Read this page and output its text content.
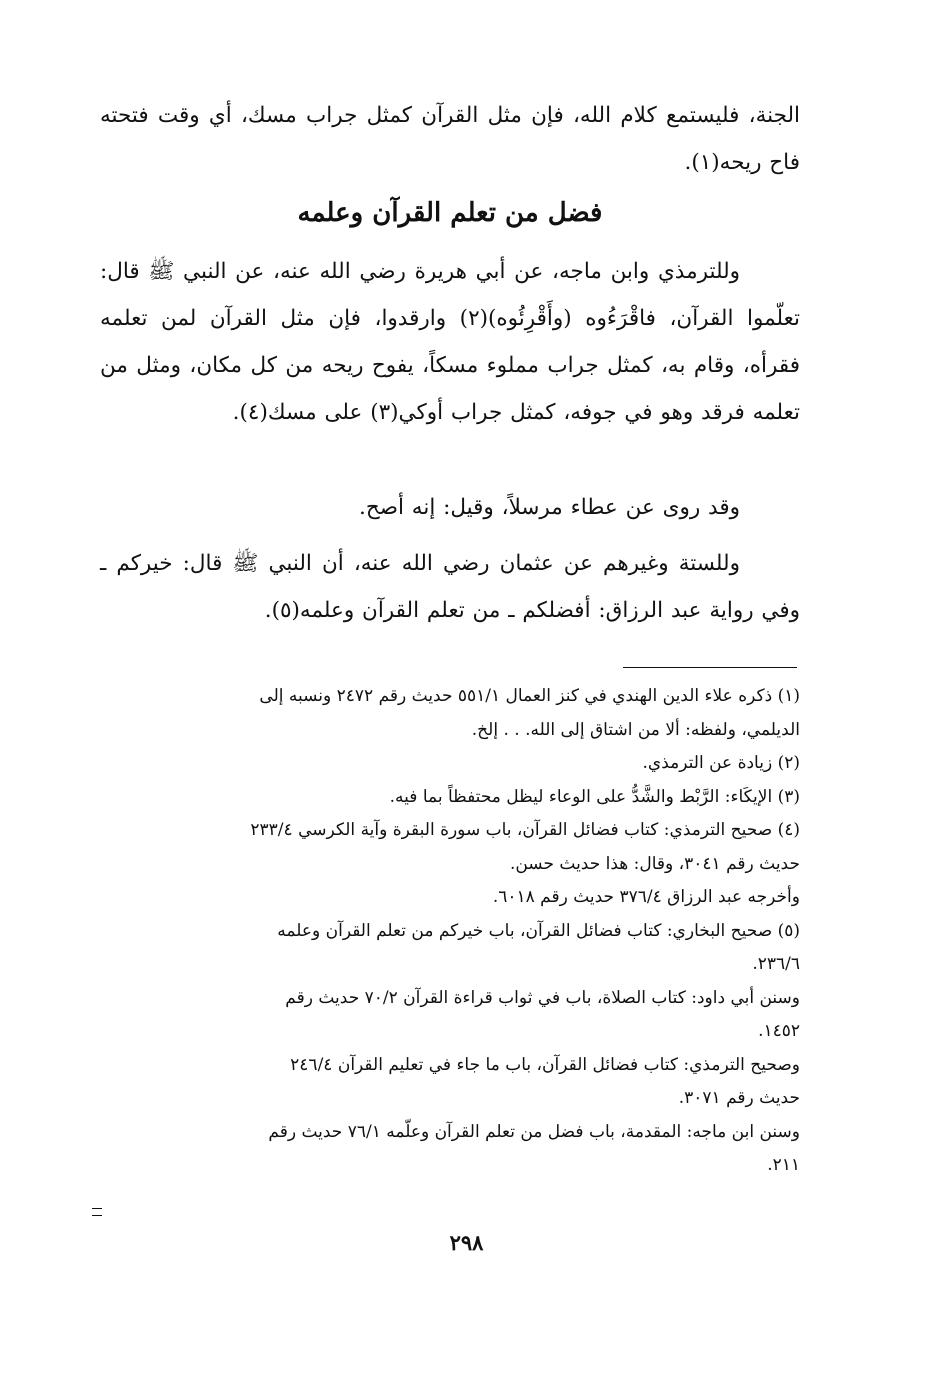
الجنة، فليستمع كلام الله، فإن مثل القرآن كمثل جراب مسك، أي وقت فتحته فاح ريحه(١).

فضل من تعلم القرآن وعلمه

وللترمذي وابن ماجه، عن أبي هريرة رضي الله عنه، عن النبي ﷺ قال: تعلّموا القرآن، فاقْرَءُوه (وأَقْرِئُوه)(٢) وارقدوا، فإن مثل القرآن لمن تعلمه فقرأه، وقام به، كمثل جراب مملوء مسكاً، يفوح ريحه من كل مكان، ومثل من تعلمه فرقد وهو في جوفه، كمثل جراب أوكي(٣) على مسك(٤).

وقد روى عن عطاء مرسلاً، وقيل: إنه أصح.

وللستة وغيرهم عن عثمان رضي الله عنه، أن النبي ﷺ قال: خيركم ـ وفي رواية عبد الرزاق: أفضلكم ـ من تعلم القرآن وعلمه(٥).

(١) ذكره علاء الدين الهندي في كنز العمال ٥٥١/١ حديث رقم ٢٤٧٢ ونسبه إلى
الديلمي، ولفظه: ألا من اشتاق إلى الله. . . إلخ.
(٢) زيادة عن الترمذي.
(٣) الإيكَاء: الرَّبْط والشَّدُّ على الوعاء ليظل محتفظاً بما فيه.
(٤) صحيح الترمذي: كتاب فضائل القرآن، باب سورة البقرة وآية الكرسي ٢٣٣/٤
حديث رقم ٣٠٤١، وقال: هذا حديث حسن.
وأخرجه عبد الرزاق ٣٧٦/٤ حديث رقم ٦٠١٨.
(٥) صحيح البخاري: كتاب فضائل القرآن، باب خيركم من تعلم القرآن وعلمه
٢٣٦/٦.
وسنن أبي داود: كتاب الصلاة، باب في ثواب قراءة القرآن ٧٠/٢ حديث رقم
١٤٥٢.
وصحيح الترمذي: كتاب فضائل القرآن، باب ما جاء في تعليم القرآن ٢٤٦/٤
حديث رقم ٣٠٧١.
وسنن ابن ماجه: المقدمة، باب فضل من تعلم القرآن وعلّمه ٧٦/١ حديث رقم
٢١١.
٢٩٨
